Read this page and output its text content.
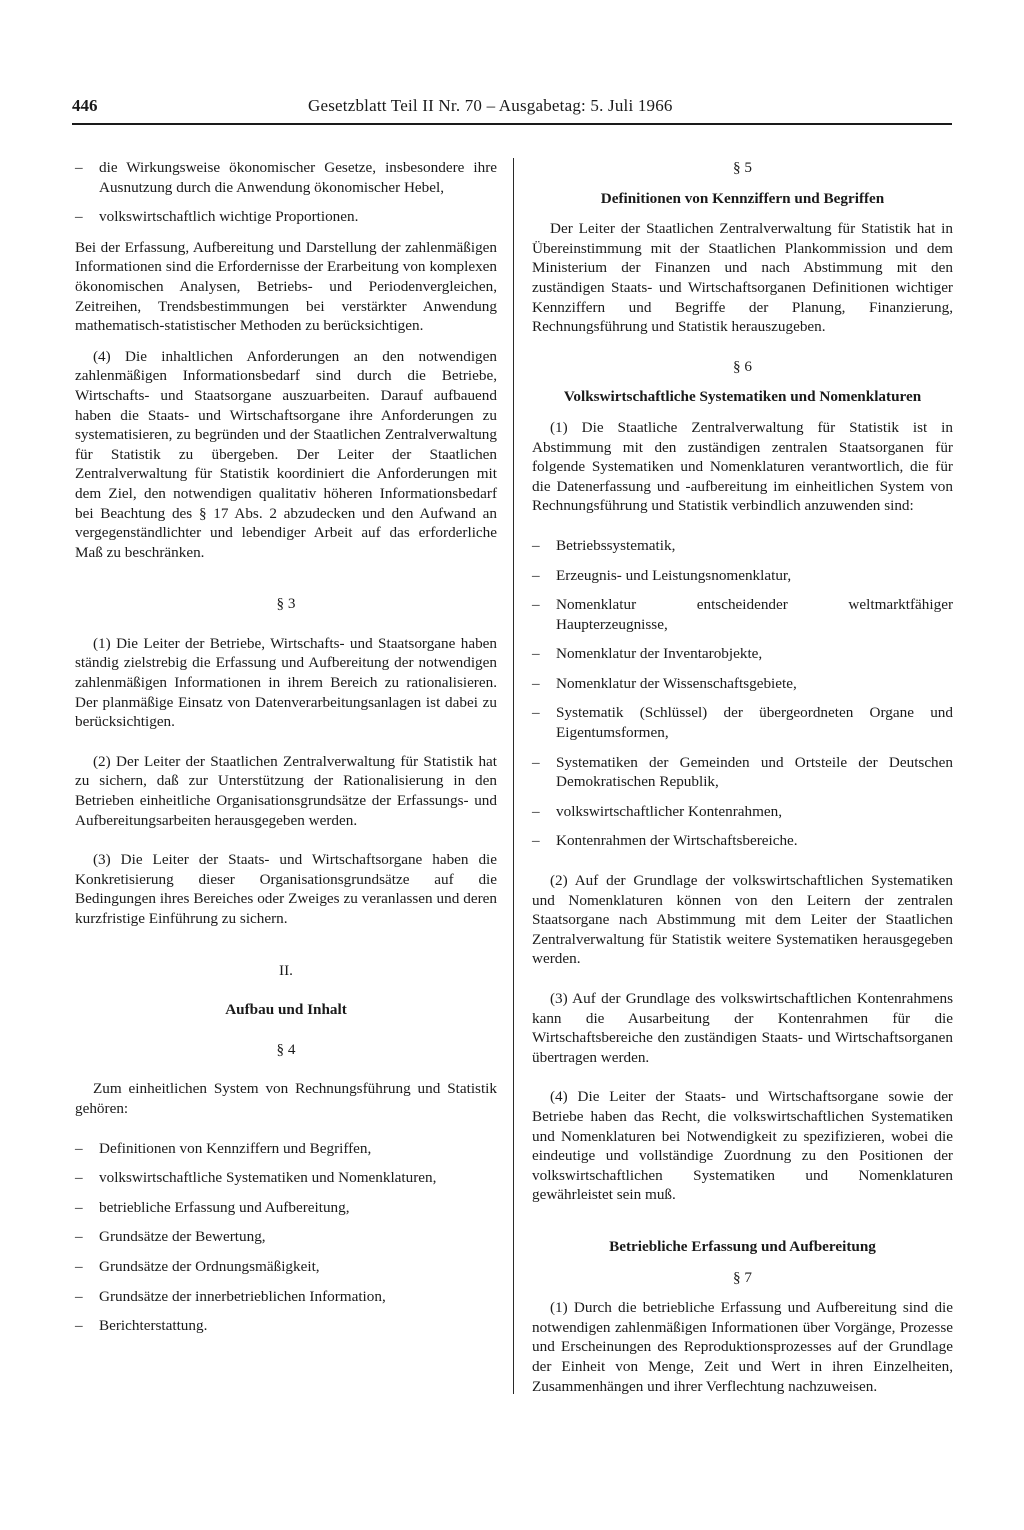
446	Gesetzblatt Teil II Nr. 70 – Ausgabetag: 5. Juli 1966
–	die Wirkungsweise ökonomischer Gesetze, insbesondere ihre Ausnutzung durch die Anwendung ökonomischer Hebel,
–	volkswirtschaftlich wichtige Proportionen.

Bei der Erfassung, Aufbereitung und Darstellung der zahlenmäßigen Informationen sind die Erfordernisse der Erarbeitung von komplexen ökonomischen Analysen, Betriebs- und Periodenvergleichen, Zeitreihen, Trendsbestimmungen bei verstärkter Anwendung mathematisch-statistischer Methoden zu berücksichtigen.

(4) Die inhaltlichen Anforderungen an den notwendigen zahlenmäßigen Informationsbedarf sind durch die Betriebe, Wirtschafts- und Staatsorgane auszuarbeiten. Darauf aufbauend haben die Staats- und Wirtschaftsorgane ihre Anforderungen zu systematisieren, zu begründen und der Staatlichen Zentralverwaltung für Statistik zu übergeben. Der Leiter der Staatlichen Zentralverwaltung für Statistik koordiniert die Anforderungen mit dem Ziel, den notwendigen qualitativ höheren Informationsbedarf bei Beachtung des § 17 Abs. 2 abzudecken und den Aufwand an vergegenständlichter und lebendiger Arbeit auf das erforderliche Maß zu beschränken.

§ 3

(1) Die Leiter der Betriebe, Wirtschafts- und Staatsorgane haben ständig zielstrebig die Erfassung und Aufbereitung der notwendigen zahlenmäßigen Informationen in ihrem Bereich zu rationalisieren. Der planmäßige Einsatz von Datenverarbeitungsanlagen ist dabei zu berücksichtigen.

(2) Der Leiter der Staatlichen Zentralverwaltung für Statistik hat zu sichern, daß zur Unterstützung der Rationalisierung in den Betrieben einheitliche Organisationsgrundsätze der Erfassungs- und Aufbereitungsarbeiten herausgegeben werden.

(3) Die Leiter der Staats- und Wirtschaftsorgane haben die Konkretisierung dieser Organisationsgrundsätze auf die Bedingungen ihres Bereiches oder Zweiges zu veranlassen und deren kurzfristige Einführung zu sichern.

II.
Aufbau und Inhalt
§ 4

Zum einheitlichen System von Rechnungsführung und Statistik gehören:

–	Definitionen von Kennziffern und Begriffen,
–	volkswirtschaftliche Systematiken und Nomenklaturen,
–	betriebliche Erfassung und Aufbereitung,
–	Grundsätze der Bewertung,
–	Grundsätze der Ordnungsmäßigkeit,
–	Grundsätze der innerbetrieblichen Information,
–	Berichterstattung.
§ 5
Definitionen von Kennziffern und Begriffen

Der Leiter der Staatlichen Zentralverwaltung für Statistik hat in Übereinstimmung mit der Staatlichen Plankommission und dem Ministerium der Finanzen und nach Abstimmung mit den zuständigen Staats- und Wirtschaftsorganen Definitionen wichtiger Kennziffern und Begriffe der Planung, Finanzierung, Rechnungsführung und Statistik herauszugeben.

§ 6
Volkswirtschaftliche Systematiken und Nomenklaturen

(1) Die Staatliche Zentralverwaltung für Statistik ist in Abstimmung mit den zuständigen zentralen Staatsorganen für folgende Systematiken und Nomenklaturen verantwortlich, die für die Datenerfassung und -aufbereitung im einheitlichen System von Rechnungsführung und Statistik verbindlich anzuwenden sind:

–	Betriebssystematik,
–	Erzeugnis- und Leistungsnomenklatur,
–	Nomenklatur entscheidender weltmarktfähiger Haupterzeugnisse,
–	Nomenklatur der Inventarobjekte,
–	Nomenklatur der Wissenschaftsgebiete,
–	Systematik (Schlüssel) der übergeordneten Organe und Eigentumsformen,
–	Systematiken der Gemeinden und Ortsteile der Deutschen Demokratischen Republik,
–	volkswirtschaftlicher Kontenrahmen,
–	Kontenrahmen der Wirtschaftsbereiche.

(2) Auf der Grundlage der volkswirtschaftlichen Systematiken und Nomenklaturen können von den Leitern der zentralen Staatsorgane nach Abstimmung mit dem Leiter der Staatlichen Zentralverwaltung für Statistik weitere Systematiken herausgegeben werden.

(3) Auf der Grundlage des volkswirtschaftlichen Kontenrahmens kann die Ausarbeitung der Kontenrahmen für die Wirtschaftsbereiche den zuständigen Staats- und Wirtschaftsorganen übertragen werden.

(4) Die Leiter der Staats- und Wirtschaftsorgane sowie der Betriebe haben das Recht, die volkswirtschaftlichen Systematiken und Nomenklaturen bei Notwendigkeit zu spezifizieren, wobei die eindeutige und vollständige Zuordnung zu den Positionen der volkswirtschaftlichen Systematiken und Nomenklaturen gewährleistet sein muß.

Betriebliche Erfassung und Aufbereitung
§ 7

(1) Durch die betriebliche Erfassung und Aufbereitung sind die notwendigen zahlenmäßigen Informationen über Vorgänge, Prozesse und Erscheinungen des Reproduktionsprozesses auf der Grundlage der Einheit von Menge, Zeit und Wert in ihren Einzelheiten, Zusammenhängen und ihrer Verflechtung nachzuweisen.
